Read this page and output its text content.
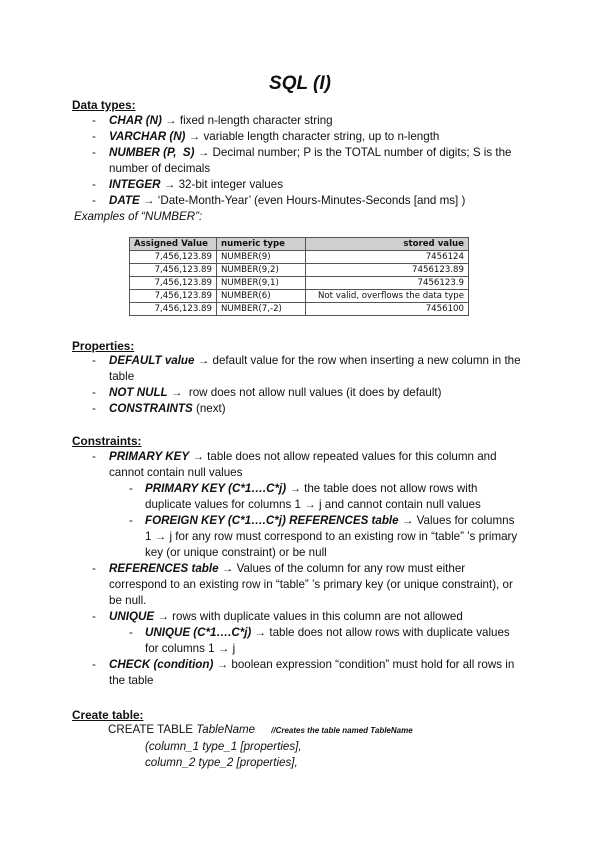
SQL (I)
Data types:
- CHAR (N) → fixed n-length character string
- VARCHAR (N) → variable length character string, up to n-length
- NUMBER (P,  S) → Decimal number; P is the TOTAL number of digits; S is the          number of decimals
- INTEGER → 32-bit integer values
- DATE → ‘Date-Month-Year’ (even Hours-Minutes-Seconds [and ms] )
Examples of “NUMBER”:
Assigned Value	numeric type	stored value
7,456,123.89	NUMBER(9)	7456124
7,456,123.89	NUMBER(9,2)	7456123.89
7,456,123.89	NUMBER(9,1)	7456123.9
7,456,123.89	NUMBER(6)	Not valid, overflows the data type
7,456,123.89	NUMBER(7,-2)	7456100
Properties:
- DEFAULT value → default value for the row when inserting a new column in the table
- NOT NULL →  row does not allow null values (it does by default)
- CONSTRAINTS (next)
Constraints:
- PRIMARY KEY → table does not allow repeated values for this column and cannot contain null values
- PRIMARY KEY (C*1….C*j) → the table does not allow rows with duplicate values for columns 1 → j and cannot contain null values
- FOREIGN KEY (C*1….C*j) REFERENCES table → Values for columns 1 → j for any row must correspond to an existing row in “table” ’s primary key (or unique constraint) or be null
- REFERENCES table → Values of the column for any row must either correspond to an existing row in “table” ’s primary key (or unique constraint), or be null.
- UNIQUE → rows with duplicate values in this column are not allowed
- UNIQUE (C*1….C*j) → table does not allow rows with duplicate values for columns 1 → j
- CHECK (condition) → boolean expression “condition” must hold for all rows in the table
Create table:
CREATE TABLE TableName //Creates the table named TableName
(column_1 type_1 [properties],
column_2 type_2 [properties],
